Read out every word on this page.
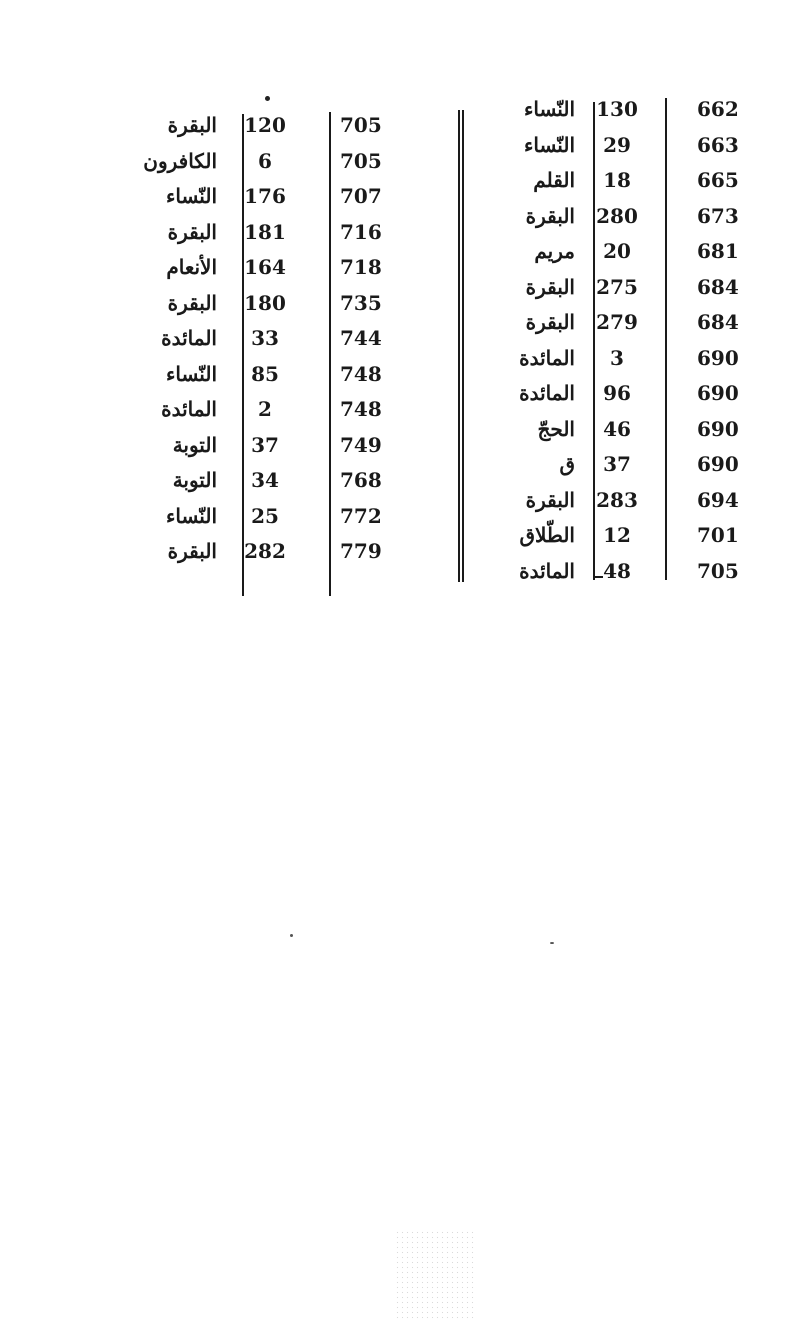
662
130
النّساء
663
29
النّساء
665
18
القلم
673
280
البقرة
681
20
مريم
684
275
البقرة
684
279
البقرة
690
3
المائدة
690
96
المائدة
690
46
الحجّ
690
37
ق
694
283
البقرة
701
12
الطّلاق
705
48
المائدة
705
120
البقرة
705
6
الكافرون
707
176
النّساء
716
181
البقرة
718
164
الأنعام
735
180
البقرة
744
33
المائدة
748
85
النّساء
748
2
المائدة
749
37
التوبة
768
34
التوبة
772
25
النّساء
779
282
البقرة
